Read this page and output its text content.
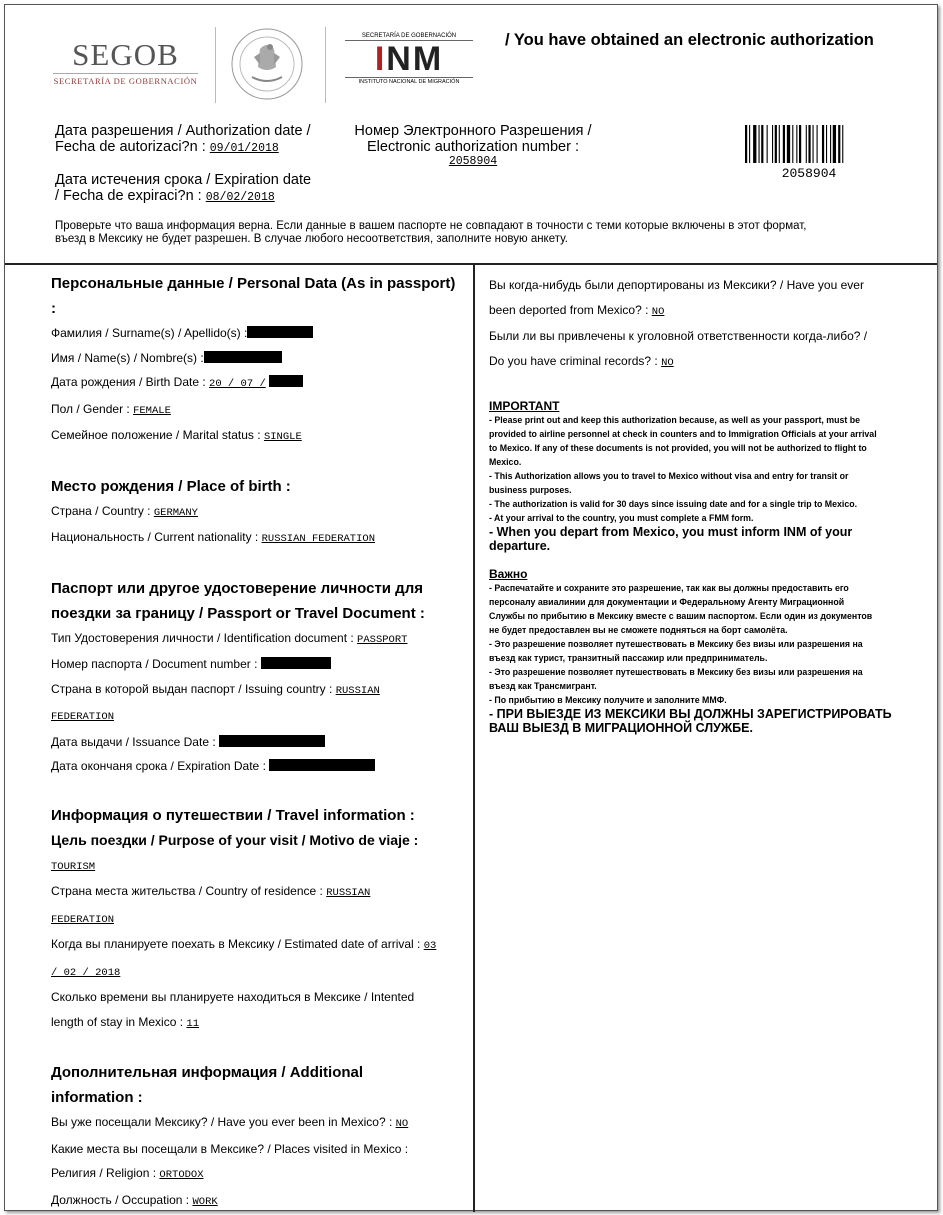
SEGOB
SECRETARÍA DE GOBERNACIÓN
SECRETARÍA DE GOBERNACIÓN
INM
INSTITUTO NACIONAL DE MIGRACIÓN
/ You have obtained an electronic authorization
Дата разрешения / Authorization date /
Fecha de autorizaci?n : 09/01/2018
Дата истечения срока / Expiration date
/ Fecha de expiraci?n : 08/02/2018
Номер Электронного Разрешения /
Electronic authorization number :
2058904
2058904
Проверьте что ваша информация верна. Если данные в вашем паспорте не совпадают в точности с теми которые включены в этот формат,
въезд в Мексику не будет разрешен. В случае любого несоответствия, заполните новую анкету.
Персональные данные / Personal Data (As in passport) :
Фамилия / Surname(s) / Apellido(s) :
Имя / Name(s) / Nombre(s) :
Дата рождения / Birth Date : 20 / 07 /
Пол / Gender : FEMALE
Семейное положение / Marital status : SINGLE
Место рождения / Place of birth :
Страна / Country : GERMANY
Национальность / Current nationality : RUSSIAN FEDERATION
Паспорт или другое удостоверение личности для
поездки за границу / Passport or Travel Document :
Тип Удостоверения личности / Identification document : PASSPORT
Номер паспорта / Document number :
Страна в которой выдан паспорт / Issuing country : RUSSIAN
FEDERATION
Дата выдачи / Issuance Date :
Дата окончаня срока / Expiration Date :
Информация о путешествии / Travel information :
Цель поездки / Purpose of your visit / Motivo de viaje :
TOURISM
Страна места жительства / Country of residence : RUSSIAN
FEDERATION
Когда вы планируете поехать в Мексику / Estimated date of arrival : 03
/ 02 / 2018
Сколько времени вы планируете находиться в Мексике / Intented
length of stay in Mexico : 11
Дополнительная информация / Additional
information :
Вы уже посещали Мексику? / Have you ever been in Mexico? : NO
Какие места вы посещали в Мексике? / Places visited in Mexico :
Религия / Religion : ORTODOX
Должность / Occupation : WORK
Вы когда-нибудь были депортированы из Мексики? / Have you ever
been deported from Mexico? : NO
Были ли вы привлечены к уголовной ответственности когда-либо? /
Do you have criminal records? : NO
IMPORTANT
- Please print out and keep this authorization because, as well as your passport, must be
provided to airline personnel at check in counters and to Immigration Officials at your arrival
to Mexico. If any of these documents is not provided, you will not be authorized to flight to
Mexico.
- This Authorization allows you to travel to Mexico without visa and entry for transit or
business purposes.
- The authorization is valid for 30 days since issuing date and for a single trip to Mexico.
- At your arrival to the country, you must complete a FMM form.
- When you depart from Mexico, you must inform INM of your
departure.
Важно
- Распечатайте и сохраните это разрешение, так как вы должны предоставить его
персоналу авиалинии для документации и Федеральному Агенту Миграционной
Службы по прибытию в Мексику вместе с вашим паспортом. Если один из документов
не будет предоставлен вы не сможете подняться на борт самолёта.
- Это разрешение позволяет путешествовать в Мексику без визы или разрешения на
въезд как турист, транзитный пассажир или предприниматель.
- Это разрешение позволяет путешествовать в Мексику без визы или разрешения на
въезд как Трансмигрант.
- По прибытию в Мексику получите и заполните ММФ.
- ПРИ ВЫЕЗДЕ ИЗ МЕКСИКИ ВЫ ДОЛЖНЫ ЗАРЕГИСТРИРОВАТЬ
ВАШ ВЫЕЗД В МИГРАЦИОННОЙ СЛУЖБЕ.
